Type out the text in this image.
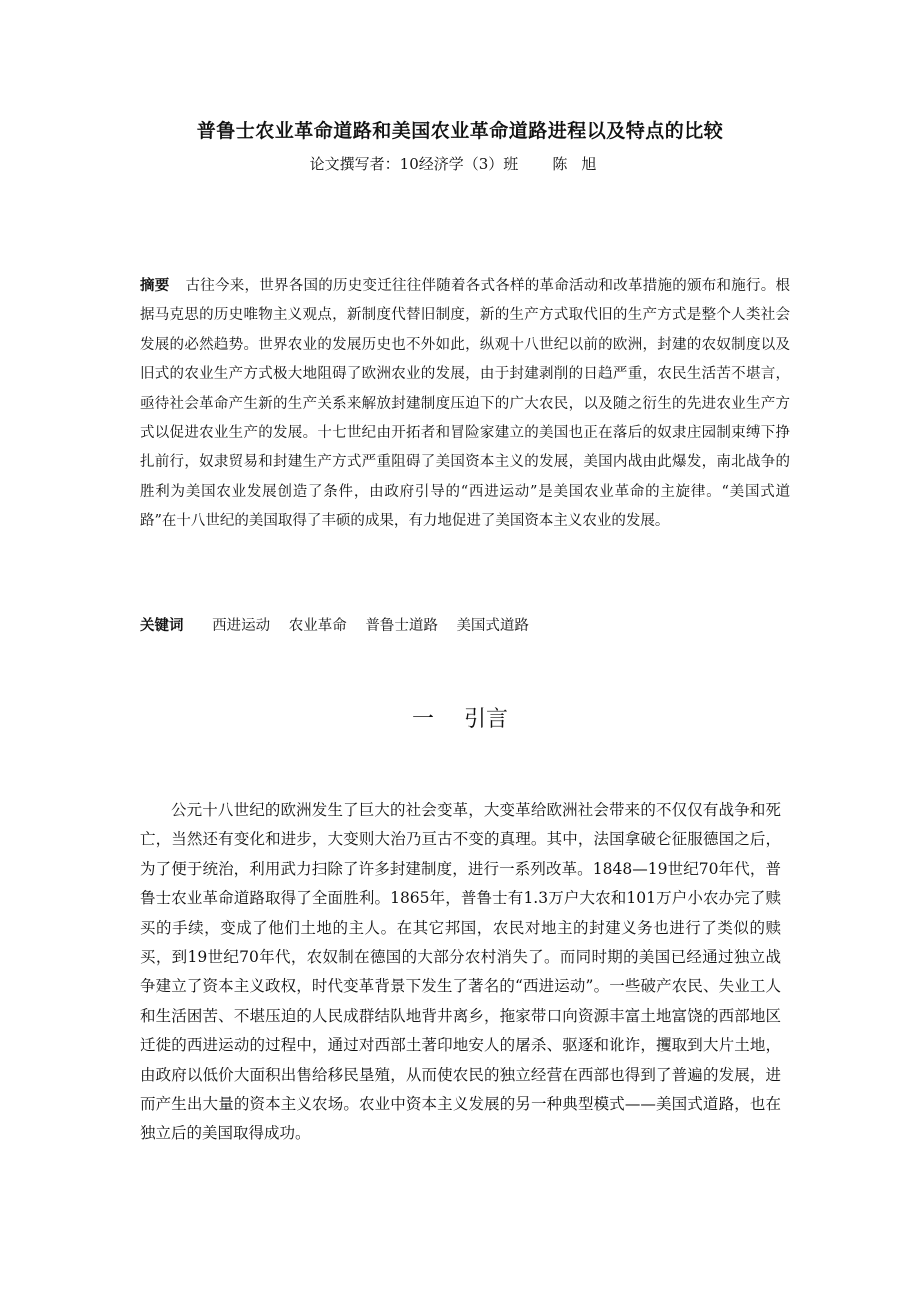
普鲁士农业革命道路和美国农业革命道路进程以及特点的比较
论文撰写者：10经济学（3）班 陈旭
摘要 古往今来，世界各国的历史变迁往往伴随着各式各样的革命活动和改革措施的颁布和施行。根据马克思的历史唯物主义观点，新制度代替旧制度，新的生产方式取代旧的生产方式是整个人类社会发展的必然趋势。世界农业的发展历史也不外如此，纵观十八世纪以前的欧洲，封建的农奴制度以及旧式的农业生产方式极大地阻碍了欧洲农业的发展，由于封建剥削的日趋严重，农民生活苦不堪言，亟待社会革命产生新的生产关系来解放封建制度压迫下的广大农民，以及随之衍生的先进农业生产方式以促进农业生产的发展。十七世纪由开拓者和冒险家建立的美国也正在落后的奴隶庄园制束缚下挣扎前行，奴隶贸易和封建生产方式严重阻碍了美国资本主义的发展，美国内战由此爆发，南北战争的胜利为美国农业发展创造了条件，由政府引导的“西进运动”是美国农业革命的主旋律。“美国式道路”在十八世纪的美国取得了丰硕的成果，有力地促进了美国资本主义农业的发展。
关键词 西进运动 农业革命 普鲁士道路 美国式道路
一 引言
公元十八世纪的欧洲发生了巨大的社会变革，大变革给欧洲社会带来的不仅仅有战争和死亡，当然还有变化和进步，大变则大治乃亘古不变的真理。其中，法国拿破仑征服德国之后，为了便于统治，利用武力扫除了许多封建制度，进行一系列改革。1848—19世纪70年代，普鲁士农业革命道路取得了全面胜利。1865年，普鲁士有1.3万户大农和101万户小农办完了赎买的手续，变成了他们土地的主人。在其它邦国，农民对地主的封建义务也进行了类似的赎买，到19世纪70年代，农奴制在德国的大部分农村消失了。而同时期的美国已经通过独立战争建立了资本主义政权，时代变革背景下发生了著名的“西进运动”。一些破产农民、失业工人和生活困苦、不堪压迫的人民成群结队地背井离乡，拖家带口向资源丰富土地富饶的西部地区迁徙的西进运动的过程中，通过对西部土著印地安人的屠杀、驱逐和讹诈，攫取到大片土地，由政府以低价大面积出售给移民垦殖，从而使农民的独立经营在西部也得到了普遍的发展，进而产生出大量的资本主义农场。农业中资本主义发展的另一种典型模式——美国式道路，也在独立后的美国取得成功。
